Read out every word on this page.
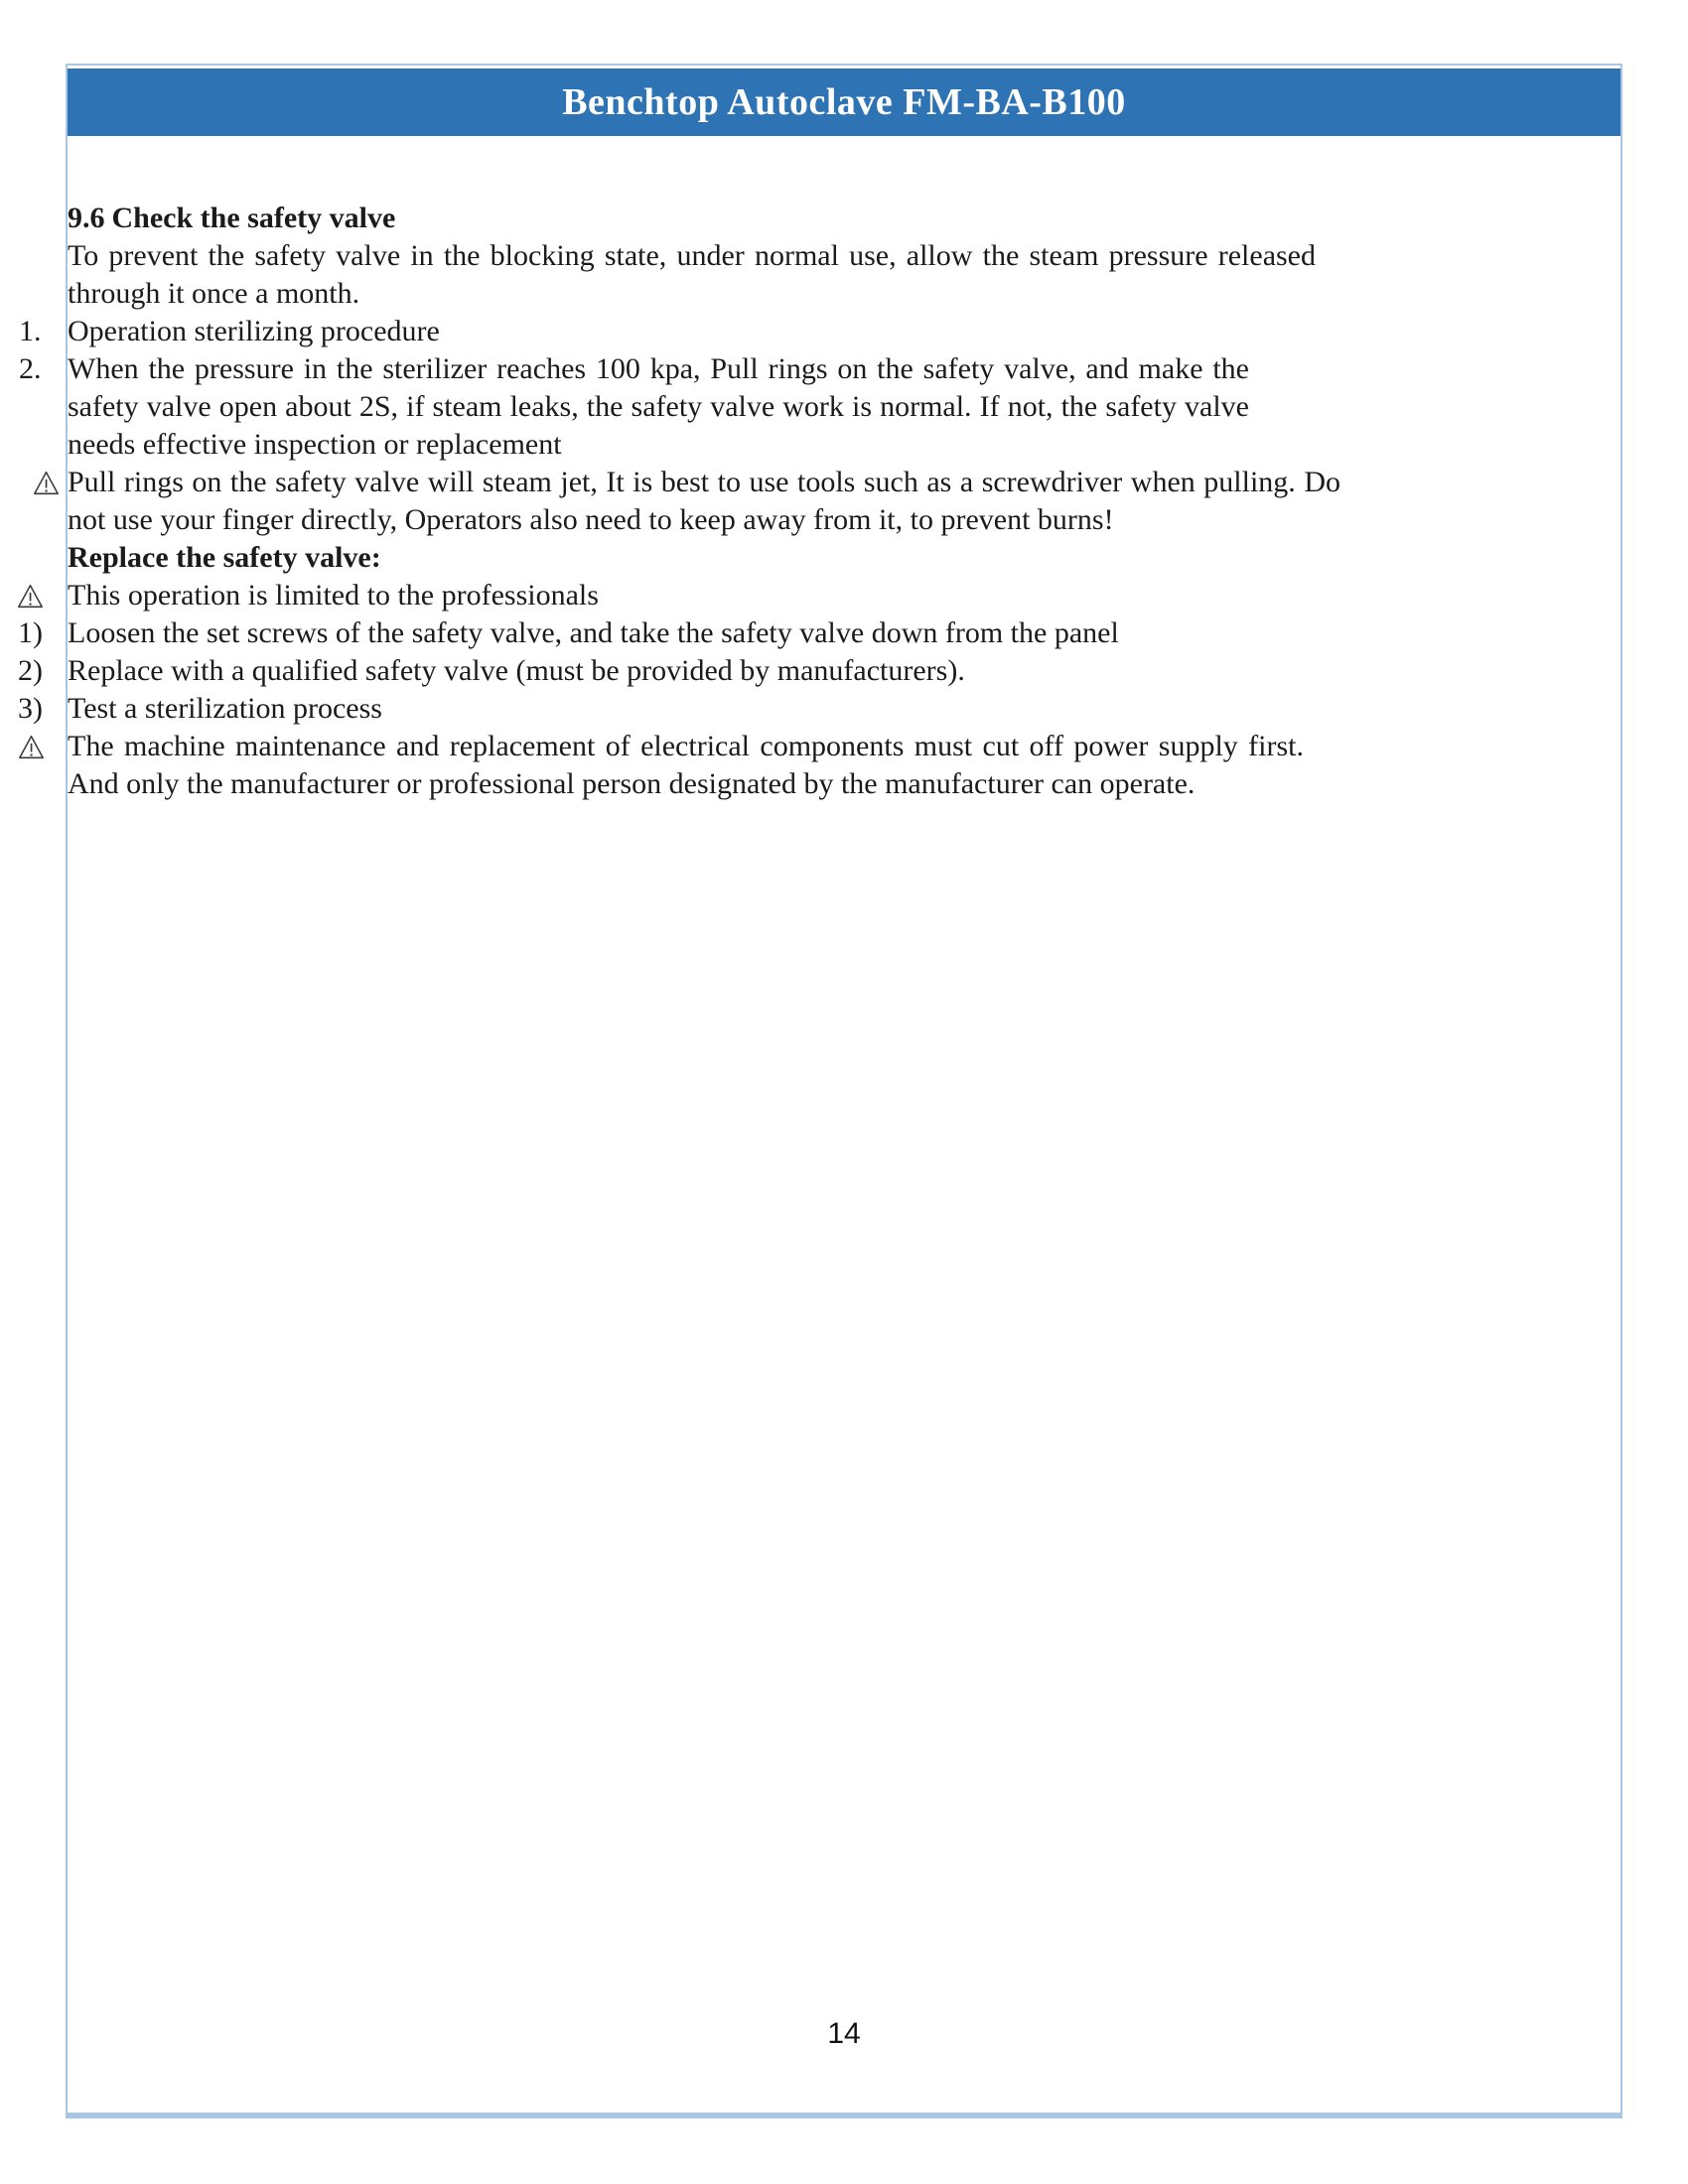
Benchtop Autoclave FM-BA-B100
9.6 Check the safety valve

To prevent the safety valve in the blocking state, under normal use, allow the steam pressure released through it once a month.

1. Operation sterilizing procedure
2. When the pressure in the sterilizer reaches 100 kpa, Pull rings on the safety valve, and make the safety valve open about 2S, if steam leaks, the safety valve work is normal. If not, the safety valve needs effective inspection or replacement
Pull rings on the safety valve will steam jet, It is best to use tools such as a screwdriver when pulling. Do not use your finger directly, Operators also need to keep away from it, to prevent burns!
Replace the safety valve:
This operation is limited to the professionals
1) Loosen the set screws of the safety valve, and take the safety valve down from the panel
2) Replace with a qualified safety valve (must be provided by manufacturers).
3) Test a sterilization process
The machine maintenance and replacement of electrical components must cut off power supply first. And only the manufacturer or professional person designated by the manufacturer can operate.
14
